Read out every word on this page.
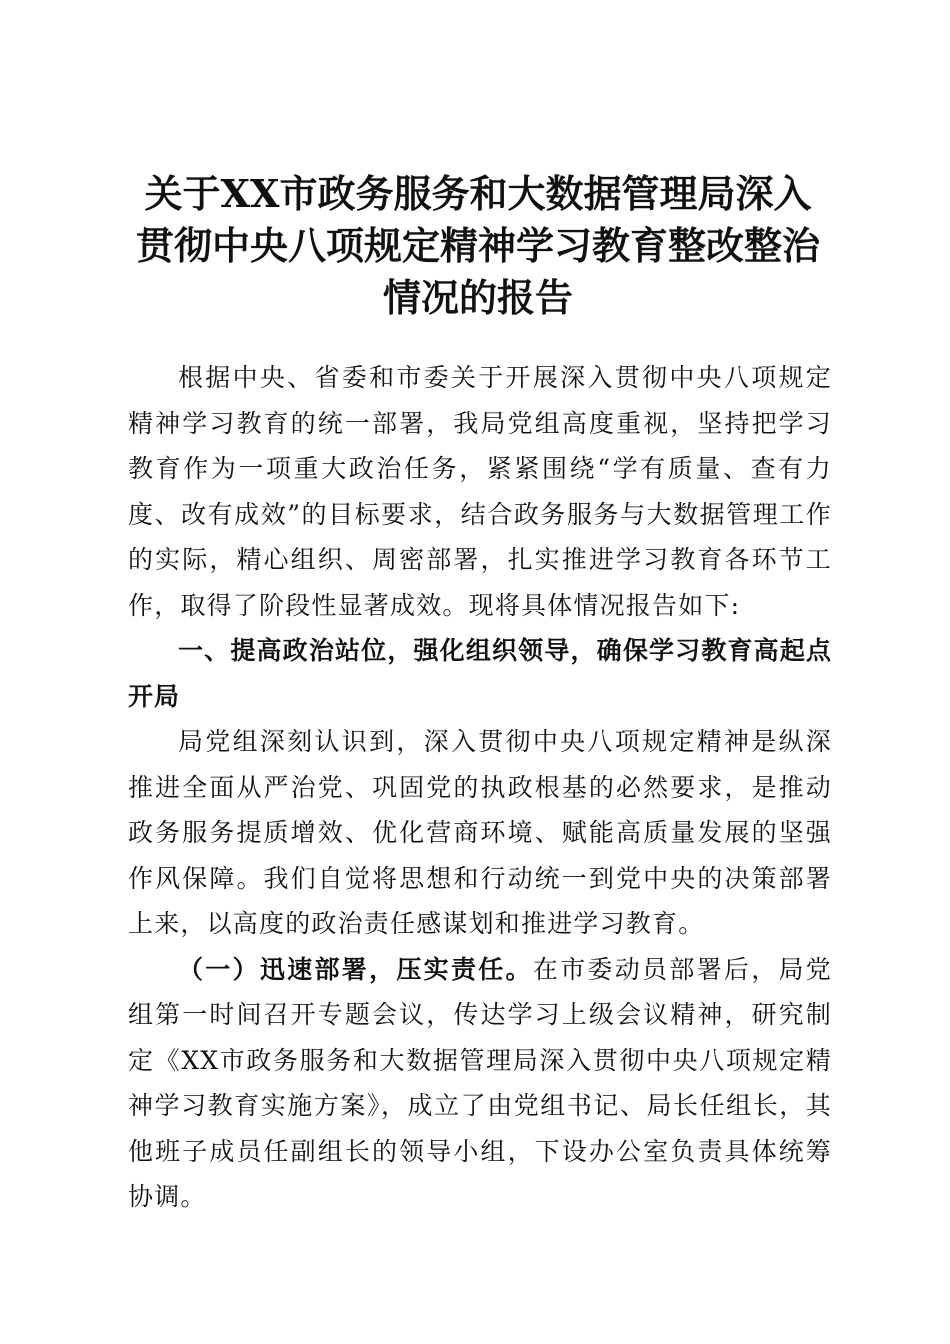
关于XX市政务服务和大数据管理局深入贯彻中央八项规定精神学习教育整改整治情况的报告

根据中央、省委和市委关于开展深入贯彻中央八项规定精神学习教育的统一部署，我局党组高度重视，坚持把学习教育作为一项重大政治任务，紧紧围绕“学有质量、查有力度、改有成效”的目标要求，结合政务服务与大数据管理工作的实际，精心组织、周密部署，扎实推进学习教育各环节工作，取得了阶段性显著成效。现将具体情况报告如下:

一、提高政治站位，强化组织领导，确保学习教育高起点开局

局党组深刻认识到，深入贯彻中央八项规定精神是纵深推进全面从严治党、巩固党的执政根基的必然要求，是推动政务服务提质增效、优化营商环境、赋能高质量发展的坚强作风保障。我们自觉将思想和行动统一到党中央的决策部署上来，以高度的政治责任感谋划和推进学习教育。

（一）迅速部署，压实责任。在市委动员部署后，局党组第一时间召开专题会议，传达学习上级会议精神，研究制定《XX市政务服务和大数据管理局深入贯彻中央八项规定精神学习教育实施方案》，成立了由党组书记、局长任组长，其他班子成员任副组长的领导小组，下设办公室负责具体统筹协调。
